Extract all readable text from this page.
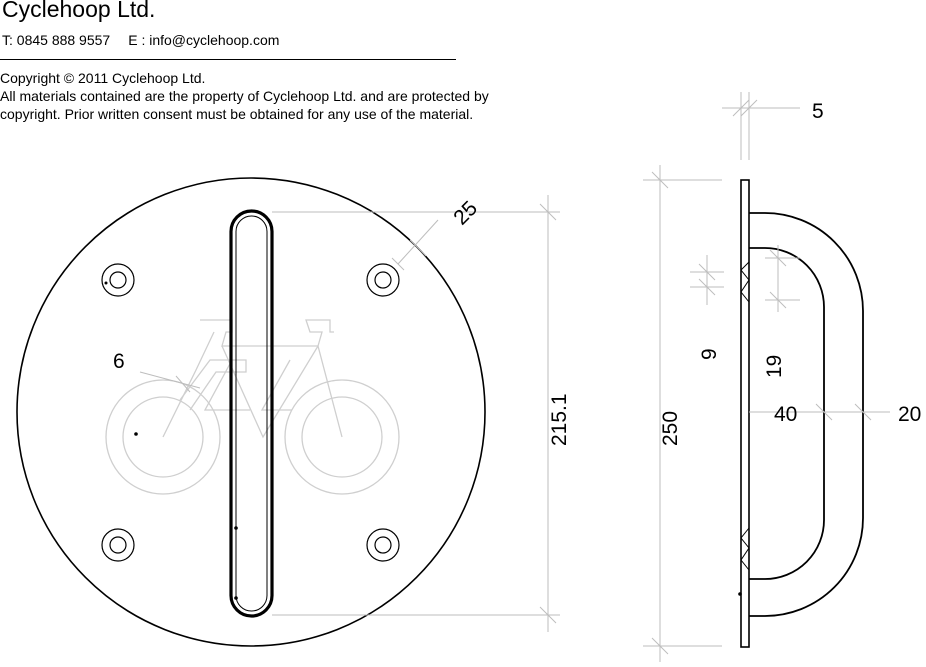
Cyclehoop Ltd.
T: 0845 888 9557 E : info@cyclehoop.com
Copyright © 2011 Cyclehoop Ltd.
All materials contained are the property of Cyclehoop Ltd. and are protected by
copyright. Prior written consent must be obtained for any use of the material.
25
6
215.1
5
250
9
19
40	20
